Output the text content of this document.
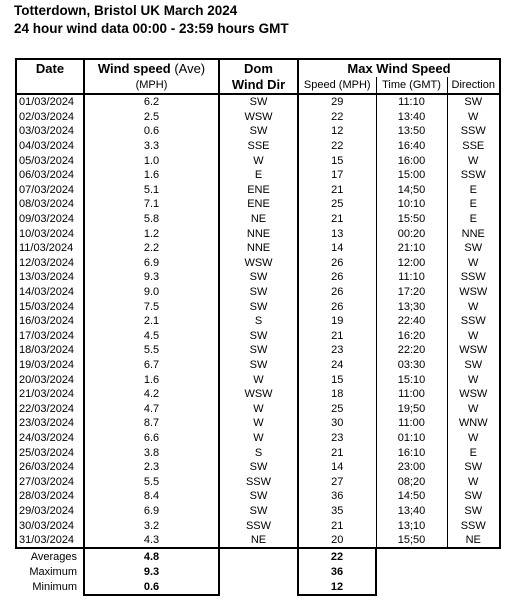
Totterdown, Bristol UK March 2024
24 hour wind data 00:00 - 23:59 hours GMT
Date	Wind speed (Ave)	Dom	Max Wind Speed		
	(MPH)	Wind Dir	Speed (MPH)	Time (GMT)	Direction
01/03/2024	6.2	SW	29	11:10	SW
02/03/2024	2.5	WSW	22	13:40	W
03/03/2024	0.6	SW	12	13:50	SSW
04/03/2024	3.3	SSE	22	16:40	SSE
05/03/2024	1.0	W	15	16:00	W
06/03/2024	1.6	E	17	15:00	SSW
07/03/2024	5.1	ENE	21	14;50	E
08/03/2024	7.1	ENE	25	10:10	E
09/03/2024	5.8	NE	21	15:50	E
10/03/2024	1.2	NNE	13	00:20	NNE
11/03/2024	2.2	NNE	14	21:10	SW
12/03/2024	6.9	WSW	26	12:00	W
13/03/2024	9.3	SW	26	11:10	SSW
14/03/2024	9.0	SW	26	17:20	WSW
15/03/2024	7.5	SW	26	13;30	W
16/03/2024	2.1	S	19	22:40	SSW
17/03/2024	4.5	SW	21	16:20	W
18/03/2024	5.5	SW	23	22:20	WSW
19/03/2024	6.7	SW	24	03:30	SW
20/03/2024	1.6	W	15	15:10	W
21/03/2024	4.2	WSW	18	11:00	WSW
22/03/2024	4.7	W	25	19;50	W
23/03/2024	8.7	W	30	11:00	WNW
24/03/2024	6.6	W	23	01:10	W
25/03/2024	3.8	S	21	16:10	E
26/03/2024	2.3	SW	14	23:00	SW
27/03/2024	5.5	SSW	27	08;20	W
28/03/2024	8.4	SW	36	14:50	SW
29/03/2024	6.9	SW	35	13;40	SW
30/03/2024	3.2	SSW	21	13;10	SSW
31/03/2024	4.3	NE	20	15;50	NE
Averages	4.8		22		
Maximum	9.3		36		
Minimum	0.6		12		
